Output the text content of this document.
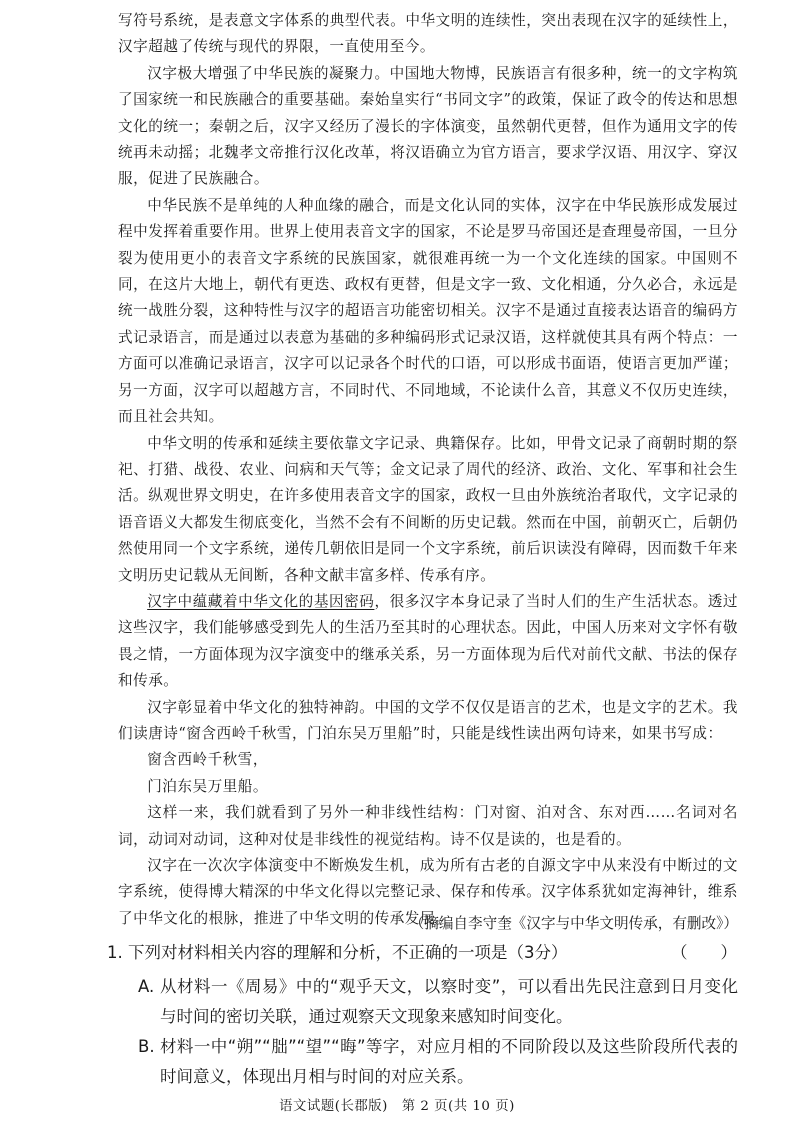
写符号系统，是表意文字体系的典型代表。中华文明的连续性，突出表现在汉字的延续性上，汉字超越了传统与现代的界限，一直使用至今。

汉字极大增强了中华民族的凝聚力。中国地大物博，民族语言有很多种，统一的文字构筑了国家统一和民族融合的重要基础。秦始皇实行“书同文字”的政策，保证了政令的传达和思想文化的统一；秦朝之后，汉字又经历了漫长的字体演变，虽然朝代更替，但作为通用文字的传统再未动摇；北魏孝文帝推行汉化改革，将汉语确立为官方语言，要求学汉语、用汉字、穿汉服，促进了民族融合。

中华民族不是单纯的人种血缘的融合，而是文化认同的实体，汉字在中华民族形成发展过程中发挥着重要作用。世界上使用表音文字的国家，不论是罗马帝国还是查理曼帝国，一旦分裂为使用更小的表音文字系统的民族国家，就很难再统一为一个文化连续的国家。中国则不同，在这片大地上，朝代有更迭、政权有更替，但是文字一致、文化相通，分久必合，永远是统一战胜分裂，这种特性与汉字的超语言功能密切相关。汉字不是通过直接表达语音的编码方式记录语言，而是通过以表意为基础的多种编码形式记录汉语，这样就使其具有两个特点：一方面可以准确记录语言，汉字可以记录各个时代的口语，可以形成书面语，使语言更加严谨；另一方面，汉字可以超越方言，不同时代、不同地域，不论读什么音，其意义不仅历史连续，而且社会共知。

中华文明的传承和延续主要依靠文字记录、典籍保存。比如，甲骨文记录了商朝时期的祭祀、打猎、战役、农业、问病和天气等；金文记录了周代的经济、政治、文化、军事和社会生活。纵观世界文明史，在许多使用表音文字的国家，政权一旦由外族统治者取代，文字记录的语音语义大都发生彻底变化，当然不会有不间断的历史记载。然而在中国，前朝灭亡，后朝仍然使用同一个文字系统，递传几朝依旧是同一个文字系统，前后识读没有障碍，因而数千年来文明历史记载从无间断，各种文献丰富多样、传承有序。

汉字中蕴藏着中华文化的基因密码，很多汉字本身记录了当时人们的生产生活状态。透过这些汉字，我们能够感受到先人的生活乃至其时的心理状态。因此，中国人历来对文字怀有敬畏之情，一方面体现为汉字演变中的继承关系，另一方面体现为后代对前代文献、书法的保存和传承。

汉字彰显着中华文化的独特神韵。中国的文学不仅仅是语言的艺术，也是文字的艺术。我们读唐诗“窗含西岭千秋雪，门泊东吴万里船”时，只能是线性读出两句诗来，如果书写成：

窗含西岭千秋雪，

门泊东吴万里船。

这样一来，我们就看到了另外一种非线性结构：门对窗、泊对含、东对西……名词对名词，动词对动词，这种对仗是非线性的视觉结构。诗不仅是读的，也是看的。

汉字在一次次字体演变中不断焕发生机，成为所有古老的自源文字中从来没有中断过的文字系统，使得博大精深的中华文化得以完整记录、保存和传承。汉字体系犹如定海神针，维系了中华文化的根脉，推进了中华文明的传承发展。

（摘编自李守奎《汉字与中华文明传承，有删改》）
1. 下列对材料相关内容的理解和分析，不正确的一项是（3分）	（　　）
A. 从材料一《周易》中的“观乎天文，以察时变”，可以看出先民注意到日月变化与时间的密切关联，通过观察天文现象来感知时间变化。
B. 材料一中“朔”“朏”“望”“晦”等字，对应月相的不同阶段以及这些阶段所代表的时间意义，体现出月相与时间的对应关系。
语文试题(长郡版)　第 2 页(共 10 页)
